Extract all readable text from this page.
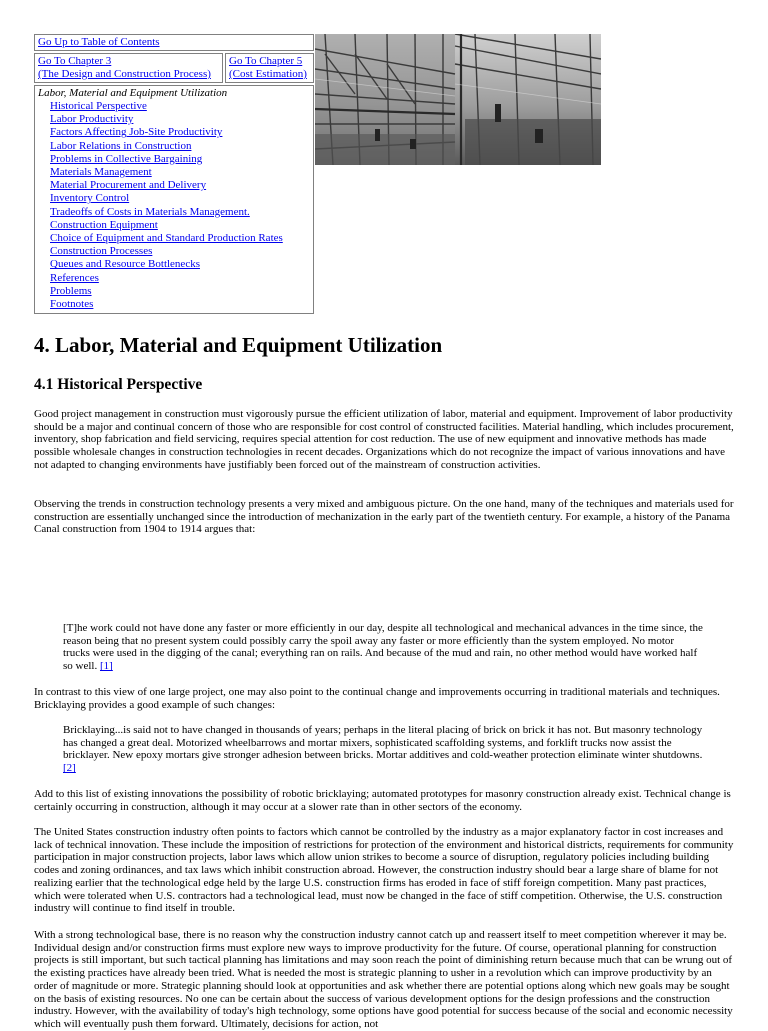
Go Up to Table of Contents
Go To Chapter 3
(The Design and Construction Process)
Go To Chapter 5
(Cost Estimation)
Labor, Material and Equipment Utilization
Historical Perspective
Labor Productivity
Factors Affecting Job-Site Productivity
Labor Relations in Construction
Problems in Collective Bargaining
Materials Management
Material Procurement and Delivery
Inventory Control
Tradeoffs of Costs in Materials Management.
Construction Equipment
Choice of Equipment and Standard Production Rates
Construction Processes
Queues and Resource Bottlenecks
References
Problems
Footnotes
4. Labor, Material and Equipment Utilization
4.1 Historical Perspective

Good project management in construction must vigorously pursue the efficient utilization of labor, material and equipment. Improvement of labor productivity should be a major and continual concern of those who are responsible for cost control of constructed facilities. Material handling, which includes procurement, inventory, shop fabrication and field servicing, requires special attention for cost reduction. The use of new equipment and innovative methods has made possible wholesale changes in construction technologies in recent decades. Organizations which do not recognize the impact of various innovations and have not adapted to changing environments have justifiably been forced out of the mainstream of construction activities.

Observing the trends in construction technology presents a very mixed and ambiguous picture. On the one hand, many of the techniques and materials used for construction are essentially unchanged since the introduction of mechanization in the early part of the twentieth century. For example, a history of the Panama Canal construction from 1904 to 1914 argues that:

[T]he work could not have done any faster or more efficiently in our day, despite all technological and mechanical advances in the time since, the reason being that no present system could possibly carry the spoil away any faster or more efficiently than the system employed. No motor trucks were used in the digging of the canal; everything ran on rails. And because of the mud and rain, no other method would have worked half so well. [1]

In contrast to this view of one large project, one may also point to the continual change and improvements occurring in traditional materials and techniques. Bricklaying provides a good example of such changes:

Bricklaying...is said not to have changed in thousands of years; perhaps in the literal placing of brick on brick it has not. But masonry technology has changed a great deal. Motorized wheelbarrows and mortar mixers, sophisticated scaffolding systems, and forklift trucks now assist the bricklayer. New epoxy mortars give stronger adhesion between bricks. Mortar additives and cold-weather protection eliminate winter shutdowns. [2]

Add to this list of existing innovations the possibility of robotic bricklaying; automated prototypes for masonry construction already exist. Technical change is certainly occurring in construction, although it may occur at a slower rate than in other sectors of the economy.

The United States construction industry often points to factors which cannot be controlled by the industry as a major explanatory factor in cost increases and lack of technical innovation. These include the imposition of restrictions for protection of the environment and historical districts, requirements for community participation in major construction projects, labor laws which allow union strikes to become a source of disruption, regulatory policies including building codes and zoning ordinances, and tax laws which inhibit construction abroad. However, the construction industry should bear a large share of blame for not realizing earlier that the technological edge held by the large U.S. construction firms has eroded in face of stiff foreign competition. Many past practices, which were tolerated when U.S. contractors had a technological lead, must now be changed in the face of stiff competition. Otherwise, the U.S. construction industry will continue to find itself in trouble.

With a strong technological base, there is no reason why the construction industry cannot catch up and reassert itself to meet competition wherever it may be. Individual design and/or construction firms must explore new ways to improve productivity for the future. Of course, operational planning for construction projects is still important, but such tactical planning has limitations and may soon reach the point of diminishing return because much that can be wrung out of the existing practices have already been tried. What is needed the most is strategic planning to usher in a revolution which can improve productivity by an order of magnitude or more. Strategic planning should look at opportunities and ask whether there are potential options along which new goals may be sought on the basis of existing resources. No one can be certain about the success of various development options for the design professions and the construction industry. However, with the availability of today's high technology, some options have good potential for success because of the social and economic necessity which will eventually push them forward. Ultimately, decisions for action, not
